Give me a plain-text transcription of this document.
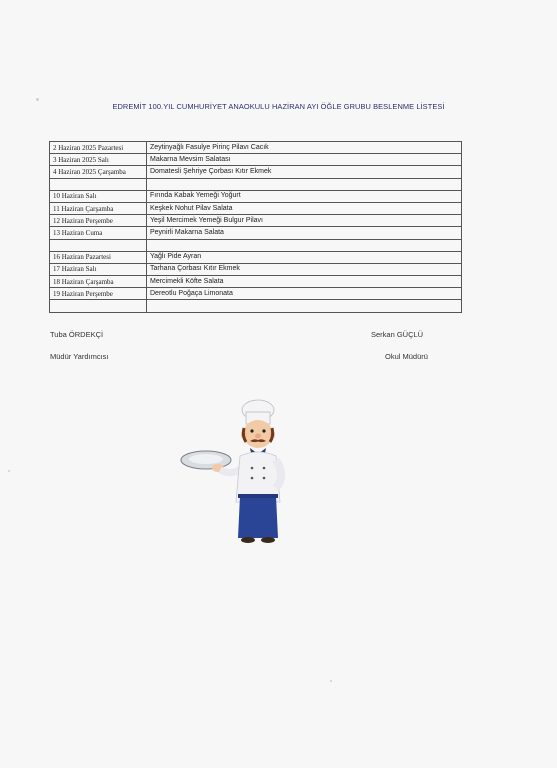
EDREMİT 100.YIL CUMHURİYET ANAOKULU HAZİRAN AYI ÖĞLE GRUBU BESLENME LİSTESİ
2 Haziran 2025 Pazartesi	Zeytinyağlı Fasulye Pirinç Pilavı Cacık
3 Haziran 2025 Salı	Makarna Mevsim Salatası
4 Haziran 2025 Çarşamba	Domatesli Şehriye Çorbası Kıtır Ekmek

10 Haziran Salı	Fırında Kabak Yemeği Yoğurt
11 Haziran Çarşamba	Keşkek Nohut Pilav Salata
12 Haziran Perşembe	Yeşil Mercimek Yemeği Bulgur Pilavı
13 Haziran Cuma	Peynirli Makarna Salata

16 Haziran Pazartesi	Yağlı Pide Ayran
17 Haziran Salı	Tarhana Çorbası Kıtır Ekmek
18 Haziran Çarşamba	Mercimekli Köfte Salata
19 Haziran Perşembe	Dereotlu Poğaça Limonata

Tuba ÖRDEKÇİ
Müdür Yardımcısı
Serkan GÜÇLÜ
Okul Müdürü
